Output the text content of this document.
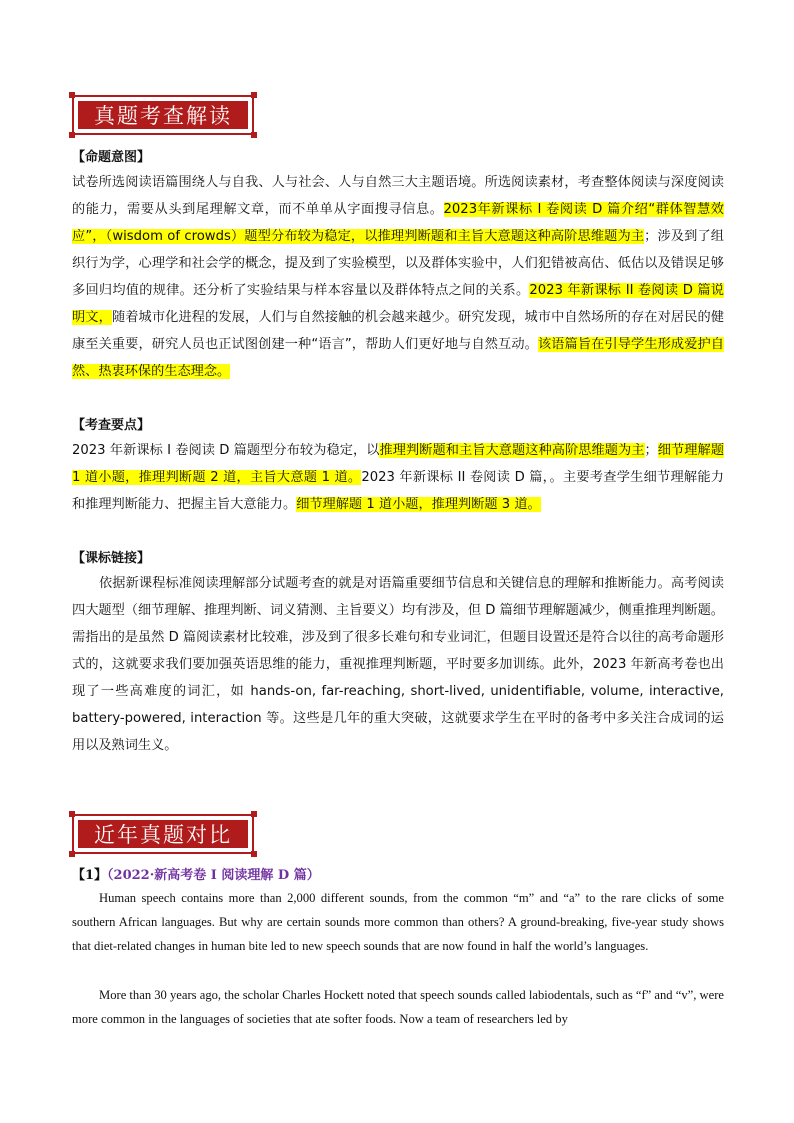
真题考查解读
【命题意图】
试卷所选阅读语篇围绕人与自我、人与社会、人与自然三大主题语境。所选阅读素材，考查整体阅读与深度阅读的能力，需要从头到尾理解文章，而不单单从字面搜寻信息。2023年新课标 I 卷阅读 D 篇介绍“群体智慧效应”，（wisdom of crowds）题型分布较为稳定，以推理判断题和主旨大意题这种高阶思维题为主；涉及到了组织行为学，心理学和社会学的概念，提及到了实验模型，以及群体实验中，人们犯错被高估、低估以及错误足够多回归均值的规律。还分析了实验结果与样本容量以及群体特点之间的关系。2023 年新课标 II 卷阅读 D 篇说明文，随着城市化进程的发展，人们与自然接触的机会越来越少。研究发现，城市中自然场所的存在对居民的健康至关重要，研究人员也正试图创建一种“语言”，帮助人们更好地与自然互动。该语篇旨在引导学生形成爱护自然、热衷环保的生态理念。
【考查要点】
2023 年新课标 I 卷阅读 D 篇题型分布较为稳定，以推理判断题和主旨大意题这种高阶思维题为主；细节理解题 1 道小题，推理判断题 2 道，主旨大意题 1 道。2023 年新课标 II 卷阅读 D 篇，。主要考查学生细节理解能力和推理判断能力、把握主旨大意能力。细节理解题 1 道小题，推理判断题 3 道。
【课标链接】
依据新课程标准阅读理解部分试题考查的就是对语篇重要细节信息和关键信息的理解和推断能力。高考阅读四大题型（细节理解、推理判断、词义猜测、主旨要义）均有涉及，但 D 篇细节理解题减少，侧重推理判断题。需指出的是虽然 D 篇阅读素材比较难，涉及到了很多长难句和专业词汇，但题目设置还是符合以往的高考命题形式的，这就要求我们要加强英语思维的能力，重视推理判断题，平时要多加训练。此外，2023 年新高考卷也出现了一些高难度的词汇，如 hands-on, far-reaching, short-lived, unidentifiable, volume, interactive, battery-powered, interaction 等。这些是几年的重大突破，这就要求学生在平时的备考中多关注合成词的运用以及熟词生义。
近年真题对比
【1】（2022·新高考卷 I 阅读理解 D 篇）
Human speech contains more than 2,000 different sounds, from the common “m” and “a” to the rare clicks of some southern African languages. But why are certain sounds more common than others? A ground-breaking, five-year study shows that diet-related changes in human bite led to new speech sounds that are now found in half the world’s languages.
More than 30 years ago, the scholar Charles Hockett noted that speech sounds called labiodentals, such as “f” and “v”, were more common in the languages of societies that ate softer foods. Now a team of researchers led by
